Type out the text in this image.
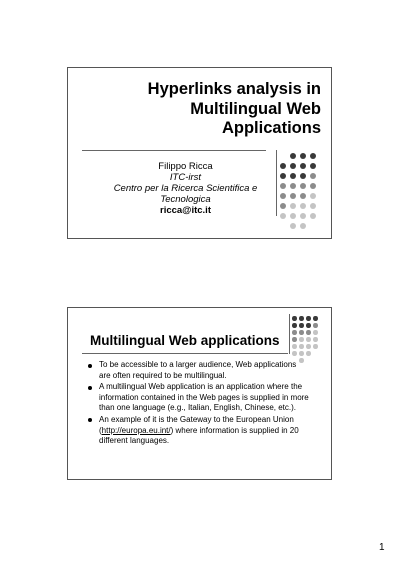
Hyperlinks analysis in Multilingual Web Applications
Filippo Ricca
ITC-irst
Centro per la Ricerca Scientifica e Tecnologica
ricca@itc.it
Multilingual Web applications
To be accessible to a larger audience, Web applications are often required to be multilingual.
A multilingual Web application is an application where the information contained in the Web pages is supplied in more than one language (e.g., Italian, English, Chinese, etc.).
An example of it is the Gateway to the European Union (http://europa.eu.int/) where information is supplied in 20 different languages.
1
